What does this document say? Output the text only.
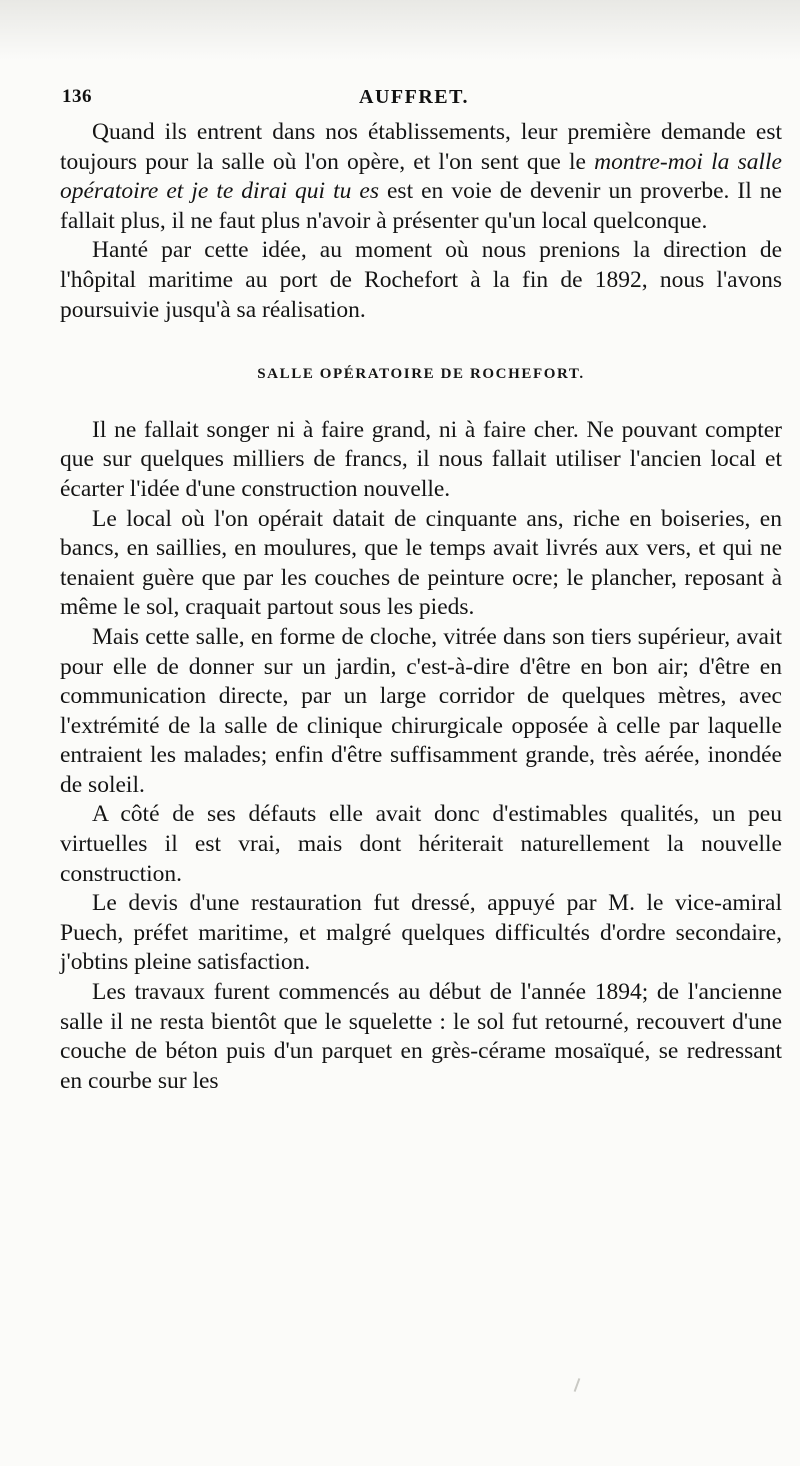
136	AUFFRET.

Quand ils entrent dans nos établissements, leur première demande est toujours pour la salle où l'on opère, et l'on sent que le montre-moi la salle opératoire et je te dirai qui tu es est en voie de devenir un proverbe. Il ne fallait plus, il ne faut plus n'avoir à présenter qu'un local quelconque.

Hanté par cette idée, au moment où nous prenions la direction de l'hôpital maritime au port de Rochefort à la fin de 1892, nous l'avons poursuivie jusqu'à sa réalisation.

SALLE OPÉRATOIRE DE ROCHEFORT.

Il ne fallait songer ni à faire grand, ni à faire cher. Ne pouvant compter que sur quelques milliers de francs, il nous fallait utiliser l'ancien local et écarter l'idée d'une construction nouvelle.

Le local où l'on opérait datait de cinquante ans, riche en boiseries, en bancs, en saillies, en moulures, que le temps avait livrés aux vers, et qui ne tenaient guère que par les couches de peinture ocre; le plancher, reposant à même le sol, craquait partout sous les pieds.

Mais cette salle, en forme de cloche, vitrée dans son tiers supérieur, avait pour elle de donner sur un jardin, c'est-à-dire d'être en bon air; d'être en communication directe, par un large corridor de quelques mètres, avec l'extrémité de la salle de clinique chirurgicale opposée à celle par laquelle entraient les malades; enfin d'être suffisamment grande, très aérée, inondée de soleil.

A côté de ses défauts elle avait donc d'estimables qualités, un peu virtuelles il est vrai, mais dont hériterait naturellement la nouvelle construction.

Le devis d'une restauration fut dressé, appuyé par M. le vice-amiral Puech, préfet maritime, et malgré quelques difficultés d'ordre secondaire, j'obtins pleine satisfaction.

Les travaux furent commencés au début de l'année 1894; de l'ancienne salle il ne resta bientôt que le squelette : le sol fut retourné, recouvert d'une couche de béton puis d'un parquet en grès-cérame mosaïqué, se redressant en courbe sur les
